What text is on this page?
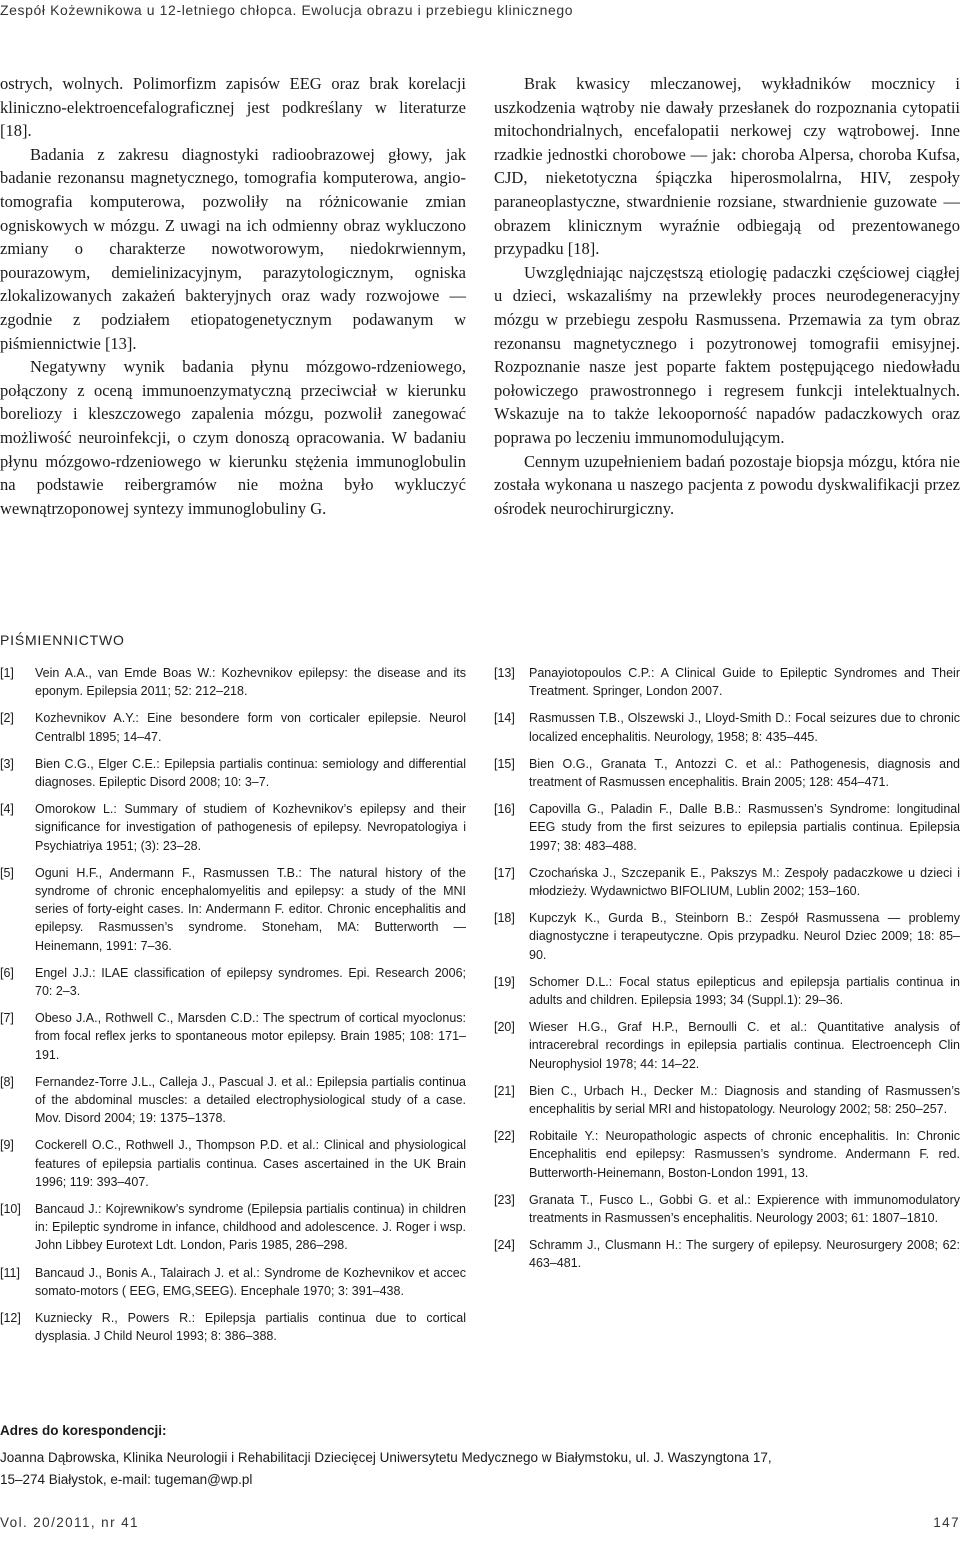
Zespół Kożewnikowa u 12-letniego chłopca. Ewolucja obrazu i przebiegu klinicznego

ostrych, wolnych. Polimorfizm zapisów EEG oraz brak korelacji kliniczno-elektroencefalograficznej jest podkreślany w literaturze [18].

Badania z zakresu diagnostyki radioobrazowej głowy, jak badanie rezonansu magnetycznego, tomografia komputerowa, angio-tomografia komputerowa, pozwoliły na różnicowanie zmian ogniskowych w mózgu. Z uwagi na ich odmienny obraz wykluczono zmiany o charakterze nowotworowym, niedokrwiennym, pourazowym, demielinizacyjnym, parazytologicznym, ogniska zlokalizowanych zakażeń bakteryjnych oraz wady rozwojowe — zgodnie z podziałem etiopatogenetycznym podawanym w piśmiennictwie [13].

Negatywny wynik badania płynu mózgowo-rdzeniowego, połączony z oceną immunoenzymatyczną przeciwciał w kierunku boreliozy i kleszczowego zapalenia mózgu, pozwolił zanegować możliwość neuroinfekcji, o czym donoszą opracowania. W badaniu płynu mózgowo-rdzeniowego w kierunku stężenia immunoglobulin na podstawie reibergramów nie można było wykluczyć wewnątrzoponowej syntezy immunoglobuliny G.

Brak kwasicy mleczanowej, wykładników mocznicy i uszkodzenia wątroby nie dawały przesłanek do rozpoznania cytopatii mitochondrialnych, encefalopatii nerkowej czy wątrobowej. Inne rzadkie jednostki chorobowe — jak: choroba Alpersa, choroba Kufsa, CJD, nieketotyczna śpiączka hiperosmolalrna, HIV, zespoły paraneoplastyczne, stwardnienie rozsiane, stwardnienie guzowate — obrazem klinicznym wyraźnie odbiegają od prezentowanego przypadku [18].

Uwzględniając najczęstszą etiologię padaczki częściowej ciągłej u dzieci, wskazaliśmy na przewlekły proces neurodegeneracyjny mózgu w przebiegu zespołu Rasmussena. Przemawia za tym obraz rezonansu magnetycznego i pozytronowej tomografii emisyjnej. Rozpoznanie nasze jest poparte faktem postępującego niedowładu połowiczego prawostronnego i regresem funkcji intelektualnych. Wskazuje na to także lekooporność napadów padaczkowych oraz poprawa po leczeniu immunomodulującym.

Cennym uzupełnieniem badań pozostaje biopsja mózgu, która nie została wykonana u naszego pacjenta z powodu dyskwalifikacji przez ośrodek neurochirurgiczny.

PIŚMIENNICTWO
[1]	Vein A.A., van Emde Boas W.: Kozhevnikov epilepsy: the disease and its eponym. Epilepsia 2011; 52: 212–218.
[2]	Kozhevnikov A.Y.: Eine besondere form von corticaler epilepsie. Neurol Centralbl 1895; 14–47.
[3]	Bien C.G., Elger C.E.: Epilepsia partialis continua: semiology and differential diagnoses. Epileptic Disord 2008; 10: 3–7.
[4]	Omorokow L.: Summary of studiem of Kozhevnikov’s epilepsy and their significance for investigation of pathogenesis of epilepsy. Nevropatologiya i Psychiatriya 1951; (3): 23–28.
[5]	Oguni H.F., Andermann F., Rasmussen T.B.: The natural history of the syndrome of chronic encephalomyelitis and epilepsy: a study of the MNI series of forty-eight cases. In: Andermann F. editor. Chronic encephalitis and epilepsy. Rasmussen’s syndrome. Stoneham, MA: Butterworth — Heinemann, 1991: 7–36.
[6]	Engel J.J.: ILAE classification of epilepsy syndromes. Epi. Research 2006; 70: 2–3.
[7]	Obeso J.A., Rothwell C., Marsden C.D.: The spectrum of cortical myoclonus: from focal reflex jerks to spontaneous motor epilepsy. Brain 1985; 108: 171–191.
[8]	Fernandez-Torre J.L., Calleja J., Pascual J. et al.: Epilepsia partialis continua of the abdominal muscles: a detailed electrophysiological study of a case. Mov. Disord 2004; 19: 1375–1378.
[9]	Cockerell O.C., Rothwell J., Thompson P.D. et al.: Clinical and physiological features of epilepsia partialis continua. Cases ascertained in the UK Brain 1996; 119: 393–407.
[10]	Bancaud J.: Kojrewnikow’s syndrome (Epilepsia partialis continua) in children in: Epileptic syndrome in infance, childhood and adolescence. J. Roger i wsp. John Libbey Eurotext Ldt. London, Paris 1985, 286–298.
[11]	Bancaud J., Bonis A., Talairach J. et al.: Syndrome de Kozhevnikov et accec somato-motors ( EEG, EMG,SEEG). Encephale 1970; 3: 391–438.
[12]	Kuzniecky R., Powers R.: Epilepsja partialis continua due to cortical dysplasia. J Child Neurol 1993; 8: 386–388.
[13]	Panayiotopoulos C.P.: A Clinical Guide to Epileptic Syndromes and Their Treatment. Springer, London 2007.
[14]	Rasmussen T.B., Olszewski J., Lloyd-Smith D.: Focal seizures due to chronic localized encephalitis. Neurology, 1958; 8: 435–445.
[15]	Bien O.G., Granata T., Antozzi C. et al.: Pathogenesis, diagnosis and treatment of Rasmussen encephalitis. Brain 2005; 128: 454–471.
[16]	Capovilla G., Paladin F., Dalle B.B.: Rasmussen’s Syndrome: longitudinal EEG study from the first seizures to epilepsia partialis continua. Epilepsia 1997; 38: 483–488.
[17]	Czochańska J., Szczepanik E., Pakszys M.: Zespoły padaczkowe u dzieci i młodzieży. Wydawnictwo BIFOLIUM, Lublin 2002; 153–160.
[18]	Kupczyk K., Gurda B., Steinborn B.: Zespół Rasmussena — problemy diagnostyczne i terapeutyczne. Opis przypadku. Neurol Dziec 2009; 18: 85–90.
[19]	Schomer D.L.: Focal status epilepticus and epilepsja partialis continua in adults and children. Epilepsia 1993; 34 (Suppl.1): 29–36.
[20]	Wieser H.G., Graf H.P., Bernoulli C. et al.: Quantitative analysis of intracerebral recordings in epilepsia partialis continua. Electroenceph Clin Neurophysiol 1978; 44: 14–22.
[21]	Bien C., Urbach H., Decker M.: Diagnosis and standing of Rasmussen’s encephalitis by serial MRI and histopatology. Neurology 2002; 58: 250–257.
[22]	Robitaile Y.: Neuropathologic aspects of chronic encephalitis. In: Chronic Encephalitis end epilepsy: Rasmussen’s syndrome. Andermann F. red. Butterworth-Heinemann, Boston-London 1991, 13.
[23]	Granata T., Fusco L., Gobbi G. et al.: Expierence with immunomodulatory treatments in Rasmussen’s encephalitis. Neurology 2003; 61: 1807–1810.
[24]	Schramm J., Clusmann H.: The surgery of epilepsy. Neurosurgery 2008; 62: 463–481.
Adres do korespondencji:
Joanna Dąbrowska, Klinika Neurologii i Rehabilitacji Dziecięcej Uniwersytetu Medycznego w Białymstoku, ul. J. Waszyngtona 17,
15–274 Białystok, e-mail: tugeman@wp.pl
Vol. 20/2011, nr 41	147
